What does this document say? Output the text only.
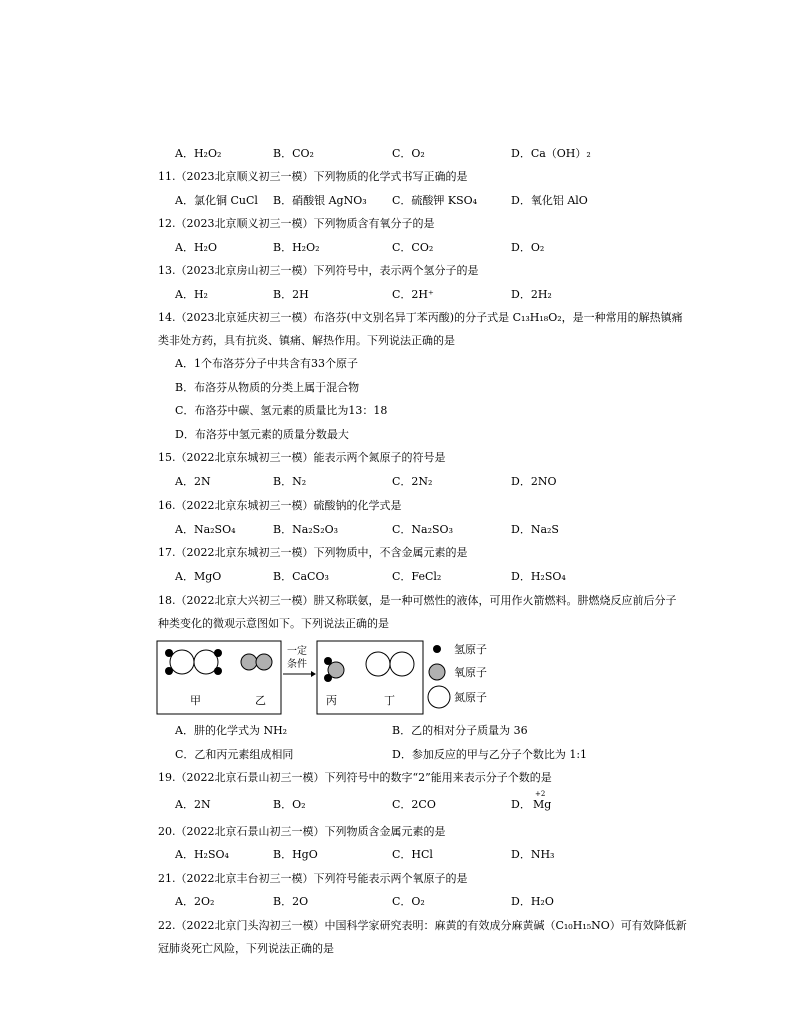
A．H₂O₂	B．CO₂	C．O₂	D．Ca（OH）₂
11.（2023北京顺义初三一模）下列物质的化学式书写正确的是
A．氯化铜 CuCl B．硝酸银 AgNO₃ C．硫酸钾 KSO₄	D．氧化铝 AlO
12.（2023北京顺义初三一模）下列物质含有氧分子的是
A．H₂O	B．H₂O₂	C．CO₂	D．O₂
13.（2023北京房山初三一模）下列符号中，表示两个氢分子的是
A．H₂	B．2H	C．2H⁺	D．2H₂
14.（2023北京延庆初三一模）布洛芬(中文别名异丁苯丙酸)的分子式是 C₁₃H₁₈O₂，是一种常用的解热镇痛
类非处方药，具有抗炎、镇痛、解热作用。下列说法正确的是
A．1个布洛芬分子中共含有33个原子
B．布洛芬从物质的分类上属于混合物
C．布洛芬中碳、氢元素的质量比为13：18
D．布洛芬中氢元素的质量分数最大
15.（2022北京东城初三一模）能表示两个氮原子的符号是
A．2N	B．N₂	C．2N₂	D．2NO
16.（2022北京东城初三一模）硫酸钠的化学式是
A．Na₂SO₄	B．Na₂S₂O₃	C．Na₂SO₃	D．Na₂S
17.（2022北京东城初三一模）下列物质中，不含金属元素的是
A．MgO	B．CaCO₃	C．FeCl₂	D．H₂SO₄
18.（2022北京大兴初三一模）肼又称联氨，是一种可燃性的液体，可用作火箭燃料。肼燃烧反应前后分子
种类变化的微观示意图如下。下列说法正确的是
甲	乙
一定
条件
丙	丁
氢原子
氧原子
氮原子
A．肼的化学式为 NH₂	B．乙的相对分子质量为 36
C．乙和丙元素组成相同	D．参加反应的甲与乙分子个数比为 1:1
19.（2022北京石景山初三一模）下列符号中的数字“2”能用来表示分子个数的是
A．2N	B．O₂	C．2CO	D．
+2
Mg
20.（2022北京石景山初三一模）下列物质含金属元素的是
A．H₂SO₄	B．HgO	C．HCl	D．NH₃
21.（2022北京丰台初三一模）下列符号能表示两个氧原子的是
A．2O₂	B．2O	C．O₂	D．H₂O
22.（2022北京门头沟初三一模）中国科学家研究表明：麻黄的有效成分麻黄碱（C₁₀H₁₅NO）可有效降低新
冠肺炎死亡风险，下列说法正确的是
